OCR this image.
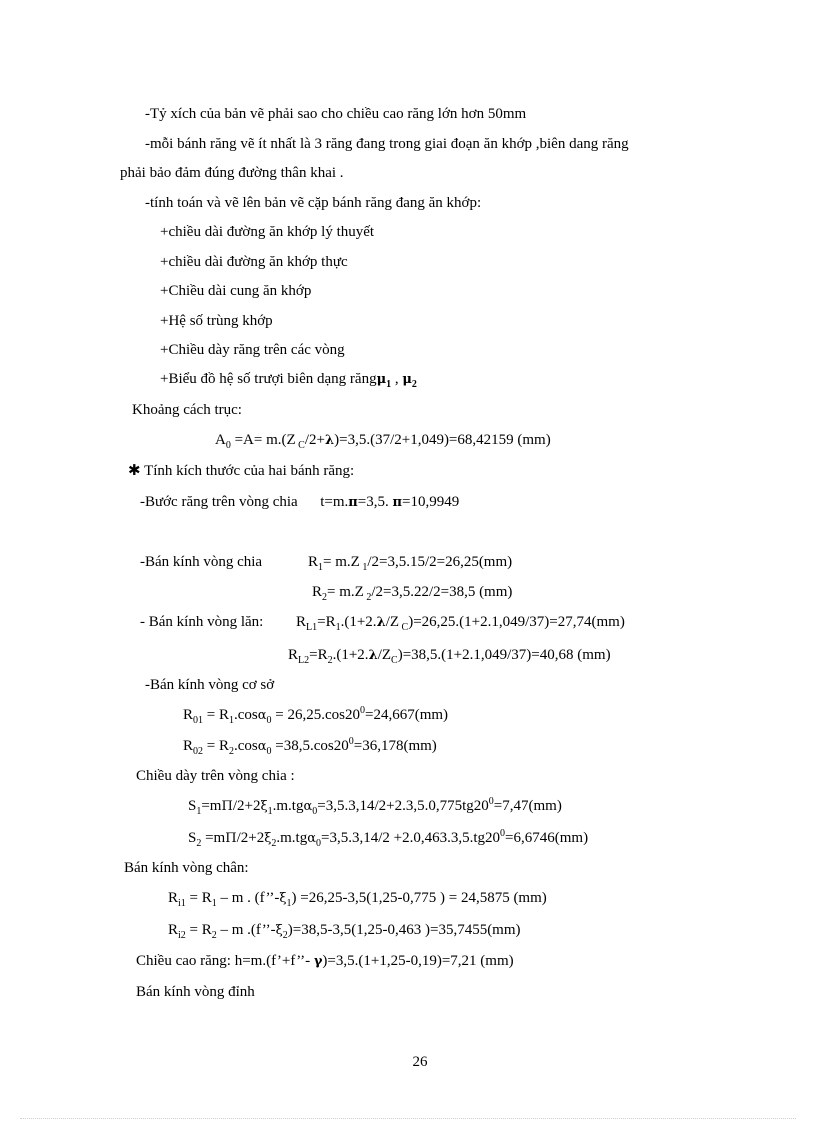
-Tỷ xích của bản vẽ phải sao cho chiều cao răng lớn hơn 50mm
-mỗi bánh răng vẽ ít nhất là 3 răng đang trong giai đoạn ăn khớp ,biên dang răng
phải bảo đảm đúng đường thân khai .
-tính toán và vẽ lên bản vẽ cặp bánh răng đang ăn khớp:
+chiều dài đường ăn khớp lý thuyết
+chiều dài đường ăn khớp thực
+Chiều dài cung ăn khớp
+Hệ số trùng khớp
+Chiều dày răng trên các vòng
+Biểu đồ hệ số trượi biên dạng răngμ$_1$ , $\mu_2$
Khoảng cách trục:
$A_0 =A= m.(Z$ $_C$/2+λ)=3,5.(37/2+1,049)=68,42159 (mm)
✱ Tính kích thước của hai bánh răng:
-Bước răng trên vòng chia      t=m.π=3,5. π=10,9949
-Bán kính vòng chia	$R_1= m.Z$ $_1$/2=3,5.15/2=26,25(mm)
$R_2= m.Z$ $_2$/2=3,5.22/2=38,5 (mm)
- Bán kính vòng lăn: $R_{L1}=R_1.(1+2.\lambda/Z$ $_C$)=26,25.(1+2.1,049/37)=27,74(mm)
$R_{L2}=R_2.(1+2.\lambda/Z_C)=38,5.(1+2.1,049/37)=40,68$ (mm)
-Bán kính vòng cơ sở
$R_{01} = R_1.\cos\alpha_0 = 26,25.\cos 20^0=24,667(mm)$
$R_{02} = R_2.\cos\alpha_0 =38,5.\cos 20^0=36,178(mm)$
Chiều dày trên vòng chia :
$S_1=m\Pi/2+2\xi_1.m.tg\alpha_0=3,5.3,14/2+2.3,5.0,775tg20^0=7,47(mm)$
$S_2 =m\Pi/2+2\xi_2.m.tg\alpha_0=3,5.3,14/2 +2.0,463.3,5.tg20^0=6,6746(mm)$
Bán kính vòng chân:
$R_{i1} = R_1 - m$ . $(f’’-\xi_1) =26,25-3,5(1,25-0,775$ ) = 24,5875 (mm)
$R_{i2} = R_2 - m$ $.(f’’-\xi_2)=38,5-3,5(1,25-0,463$ )=35,7455(mm)
Chiều cao răng: h=m.(f’+f’’- γ)=3,5.(1+1,25-0,19)=7,21 (mm)
Bán kính vòng đỉnh
26
